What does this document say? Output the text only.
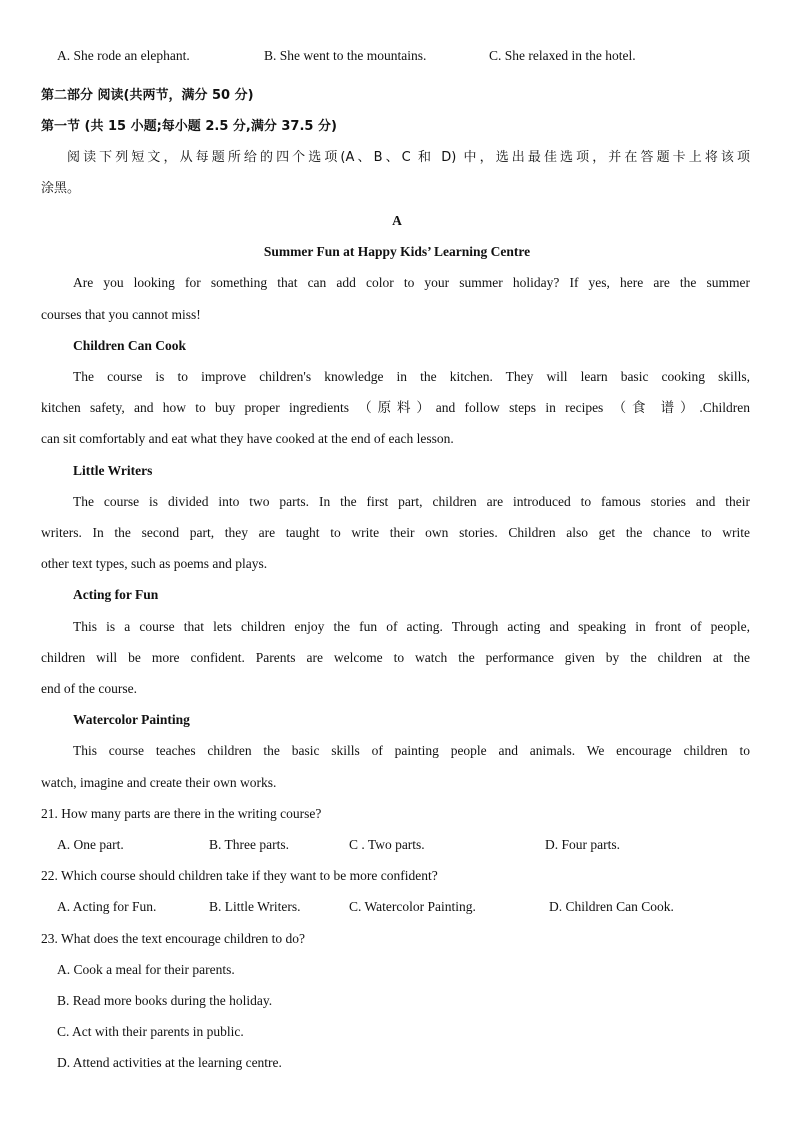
A. She rode an elephant.	B. She went to the mountains.	C. She relaxed in the hotel.
第二部分 阅读(共两节，满分 50 分)
第一节 (共 15 小题;每小题 2.5 分,满分 37.5 分)
阅读下列短文，从每题所给的四个选项(A、B、C 和 D) 中，选出最佳选项，并在答题卡上将该项
涂黑。
A
Summer Fun at Happy Kids’ Learning Centre
Are you looking for something that can add color to your summer holiday? If yes, here are the summer
courses that you cannot miss!
Children Can Cook
The course is to improve children's knowledge in the kitchen. They will learn basic cooking skills,
kitchen safety, and how to buy proper ingredients （原料）and follow steps in recipes （食 谱）.Children
can sit comfortably and eat what they have cooked at the end of each lesson.
Little Writers
The course is divided into two parts. In the first part, children are introduced to famous stories and their
writers. In the second part, they are taught to write their own stories. Children also get the chance to write
other text types, such as poems and plays.
Acting for Fun
This is a course that lets children enjoy the fun of acting. Through acting and speaking in front of people,
children will be more confident. Parents are welcome to watch the performance given by the children at the
end of the course.
Watercolor Painting
This course teaches children the basic skills of painting people and animals. We encourage children to
watch, imagine and create their own works.
21. How many parts are there in the writing course?
A. One part.	B. Three parts.	C . Two parts.	D. Four parts.
22. Which course should children take if they want to be more confident?
A. Acting for Fun.	B. Little Writers.	C. Watercolor Painting.	D. Children Can Cook.
23. What does the text encourage children to do?
A. Cook a meal for their parents.
B. Read more books during the holiday.
C. Act with their parents in public.
D. Attend activities at the learning centre.
